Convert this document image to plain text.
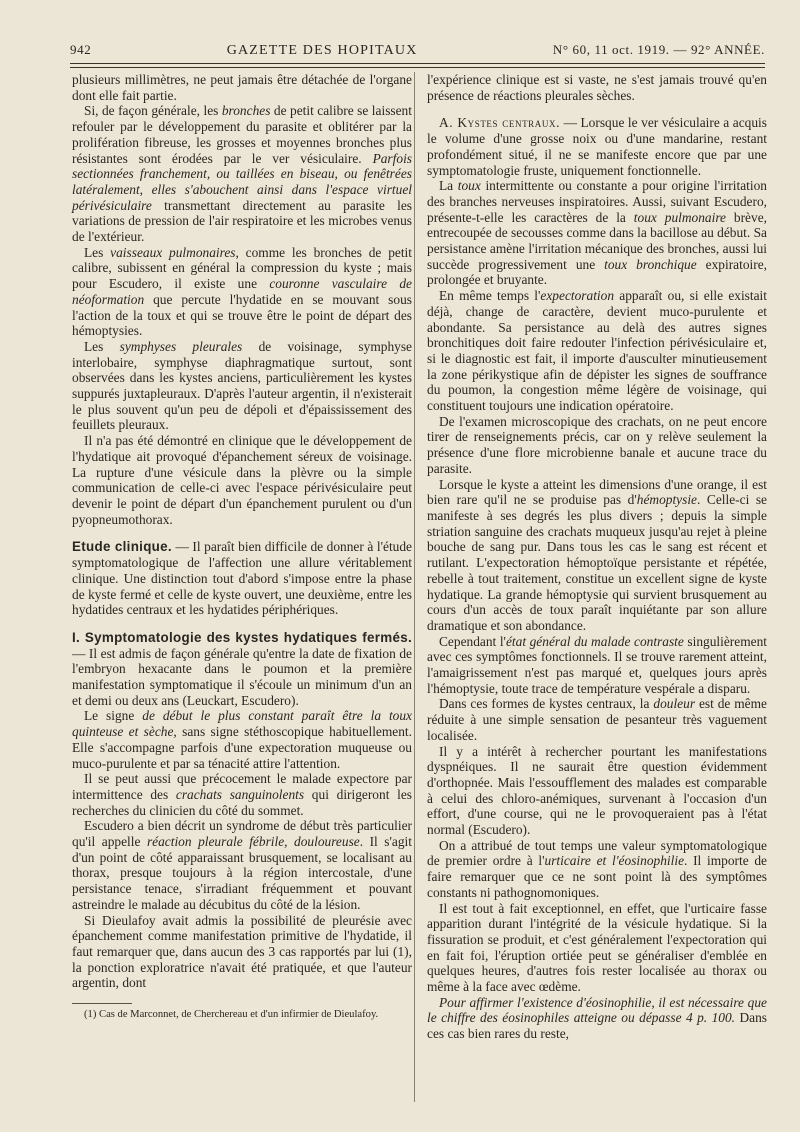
942	GAZETTE DES HOPITAUX	N° 60, 11 oct. 1919. — 92° ANNÉE.

plusieurs millimètres, ne peut jamais être détachée de l'organe dont elle fait partie.

Si, de façon générale, les bronches de petit calibre se laissent refouler par le développement du parasite et oblitérer par la prolifération fibreuse, les grosses et moyennes bronches plus résistantes sont érodées par le ver vésiculaire. Parfois sectionnées franchement, ou taillées en biseau, ou fenêtrées latéralement, elles s'abouchent ainsi dans l'espace virtuel périvésiculaire transmettant directement au parasite les variations de pression de l'air respiratoire et les microbes venus de l'extérieur.

Les vaisseaux pulmonaires, comme les bronches de petit calibre, subissent en général la compression du kyste ; mais pour Escudero, il existe une couronne vasculaire de néoformation que percute l'hydatide en se mouvant sous l'action de la toux et qui se trouve être le point de départ des hémoptysies.

Les symphyses pleurales de voisinage, symphyse interlobaire, symphyse diaphragmatique surtout, sont observées dans les kystes anciens, particulièrement les kystes suppurés juxtapleuraux. D'après l'auteur argentin, il n'existerait le plus souvent qu'un peu de dépoli et d'épaississement des feuillets pleuraux.

Il n'a pas été démontré en clinique que le développement de l'hydatique ait provoqué d'épanchement séreux de voisinage. La rupture d'une vésicule dans la plèvre ou la simple communication de celle-ci avec l'espace périvésiculaire peut devenir le point de départ d'un épanchement purulent ou d'un pyopneumothorax.

Etude clinique. — Il paraît bien difficile de donner à l'étude symptomatologique de l'affection une allure véritablement clinique. Une distinction tout d'abord s'impose entre la phase de kyste fermé et celle de kyste ouvert, une deuxième, entre les hydatides centraux et les hydatides périphériques.

I. Symptomatologie des kystes hydatiques fermés. — Il est admis de façon générale qu'entre la date de fixation de l'embryon hexacante dans le poumon et la première manifestation symptomatique il s'écoule un minimum d'un an et demi ou deux ans (Leuckart, Escudero).

Le signe de début le plus constant paraît être la toux quinteuse et sèche, sans signe stéthoscopique habituellement. Elle s'accompagne parfois d'une expectoration muqueuse ou muco-purulente et par sa ténacité attire l'attention.

Il se peut aussi que précocement le malade expectore par intermittence des crachats sanguinolents qui dirigeront les recherches du clinicien du côté du sommet.

Escudero a bien décrit un syndrome de début très particulier qu'il appelle réaction pleurale fébrile, douloureuse. Il s'agit d'un point de côté apparaissant brusquement, se localisant au thorax, presque toujours à la région intercostale, d'une persistance tenace, s'irradiant fréquemment et pouvant astreindre le malade au décubitus du côté de la lésion.

Si Dieulafoy avait admis la possibilité de pleurésie avec épanchement comme manifestation primitive de l'hydatide, il faut remarquer que, dans aucun des 3 cas rapportés par lui (1), la ponction exploratrice n'avait été pratiquée, et que l'auteur argentin, dont

(1) Cas de Marconnet, de Cherchereau et d'un infirmier de Dieulafoy.

l'expérience clinique est si vaste, ne s'est jamais trouvé qu'en présence de réactions pleurales sèches.

A. Kystes centraux. — Lorsque le ver vésiculaire a acquis le volume d'une grosse noix ou d'une mandarine, restant profondément situé, il ne se manifeste encore que par une symptomatologie fruste, uniquement fonctionnelle.

La toux intermittente ou constante a pour origine l'irritation des branches nerveuses inspiratoires. Aussi, suivant Escudero, présente-t-elle les caractères de la toux pulmonaire brève, entrecoupée de secousses comme dans la bacillose au début. Sa persistance amène l'irritation mécanique des bronches, aussi lui succède progressivement une toux bronchique expiratoire, prolongée et bruyante.

En même temps l'expectoration apparaît ou, si elle existait déjà, change de caractère, devient muco-purulente et abondante. Sa persistance au delà des autres signes bronchitiques doit faire redouter l'infection périvésiculaire et, si le diagnostic est fait, il importe d'ausculter minutieusement la zone périkystique afin de dépister les signes de souffrance du poumon, la congestion même légère de voisinage, qui constituent toujours une indication opératoire.

De l'examen microscopique des crachats, on ne peut encore tirer de renseignements précis, car on y relève seulement la présence d'une flore microbienne banale et aucune trace du parasite.

Lorsque le kyste a atteint les dimensions d'une orange, il est bien rare qu'il ne se produise pas d'hémoptysie. Celle-ci se manifeste à ses degrés les plus divers ; depuis la simple striation sanguine des crachats muqueux jusqu'au rejet à pleine bouche de sang pur. Dans tous les cas le sang est récent et rutilant. L'expectoration hémoptoïque persistante et répétée, rebelle à tout traitement, constitue un excellent signe de kyste hydatique. La grande hémoptysie qui survient brusquement au cours d'un accès de toux paraît inquiétante par son allure dramatique et son abondance.

Cependant l'état général du malade contraste singulièrement avec ces symptômes fonctionnels. Il se trouve rarement atteint, l'amaigrissement n'est pas marqué et, quelques jours après l'hémoptysie, toute trace de température vespérale a disparu.

Dans ces formes de kystes centraux, la douleur est de même réduite à une simple sensation de pesanteur très vaguement localisée.

Il y a intérêt à rechercher pourtant les manifestations dyspnéiques. Il ne saurait être question évidemment d'orthopnée. Mais l'essoufflement des malades est comparable à celui des chloro-anémiques, survenant à l'occasion d'un effort, d'une course, qui ne le provoqueraient pas à l'état normal (Escudero).

On a attribué de tout temps une valeur symptomatologique de premier ordre à l'urticaire et l'éosinophilie. Il importe de faire remarquer que ce ne sont point là des symptômes constants ni pathognomoniques.

Il est tout à fait exceptionnel, en effet, que l'urticaire fasse apparition durant l'intégrité de la vésicule hydatique. Si la fissuration se produit, et c'est généralement l'expectoration qui en fait foi, l'éruption ortiée peut se généraliser d'emblée en quelques heures, d'autres fois rester localisée au thorax ou même à la face avec œdème.

Pour affirmer l'existence d'éosinophilie, il est nécessaire que le chiffre des éosinophiles atteigne ou dépasse 4 p. 100. Dans ces cas bien rares du reste,
